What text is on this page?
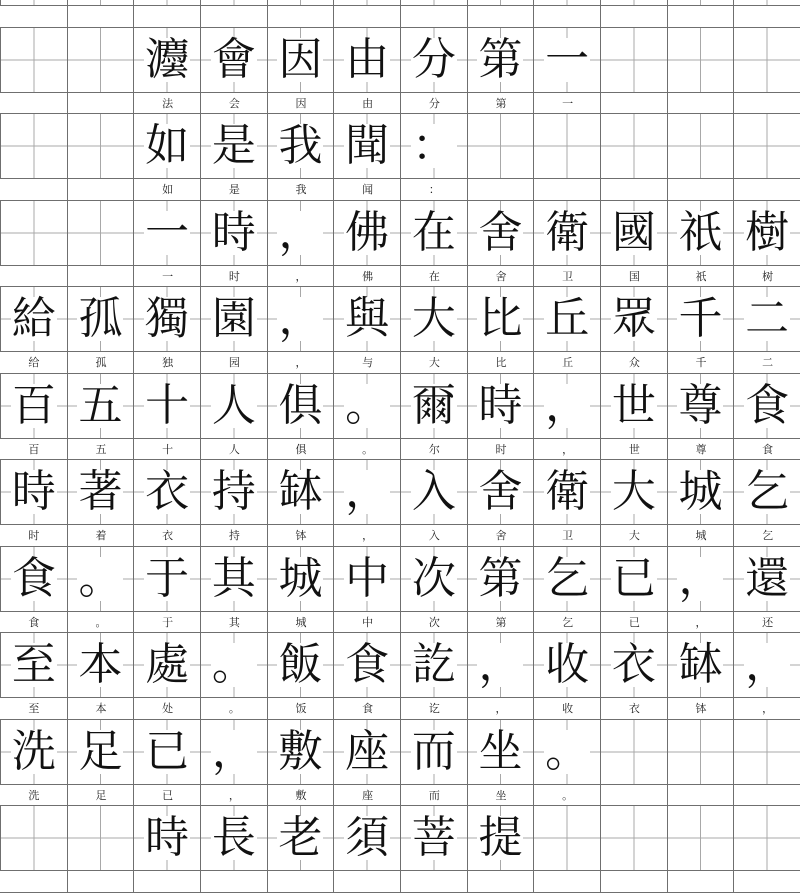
灋
法
會
会
因
因
由
由
分
分
第
第
一
一
如
如
是
是
我
我
聞
闻
：
：
一
一
時
时
，
，
佛
佛
在
在
舍
舍
衛
卫
國
国
祇
祇
樹
树
給
给
孤
孤
獨
独
園
园
，
，
與
与
大
大
比
比
丘
丘
眾
众
千
千
二
二
百
百
五
五
十
十
人
人
俱
俱
。
。
爾
尔
時
时
，
，
世
世
尊
尊
食
食
時
时
著
着
衣
衣
持
持
缽
钵
，
，
入
入
舍
舍
衛
卫
大
大
城
城
乞
乞
食
食
。
。
于
于
其
其
城
城
中
中
次
次
第
第
乞
乞
已
已
，
，
還
还
至
至
本
本
處
处
。
。
飯
饭
食
食
訖
讫
，
，
收
收
衣
衣
缽
钵
，
，
洗
洗
足
足
已
已
，
，
敷
敷
座
座
而
而
坐
坐
。
。
時 長 老 須 菩 提
